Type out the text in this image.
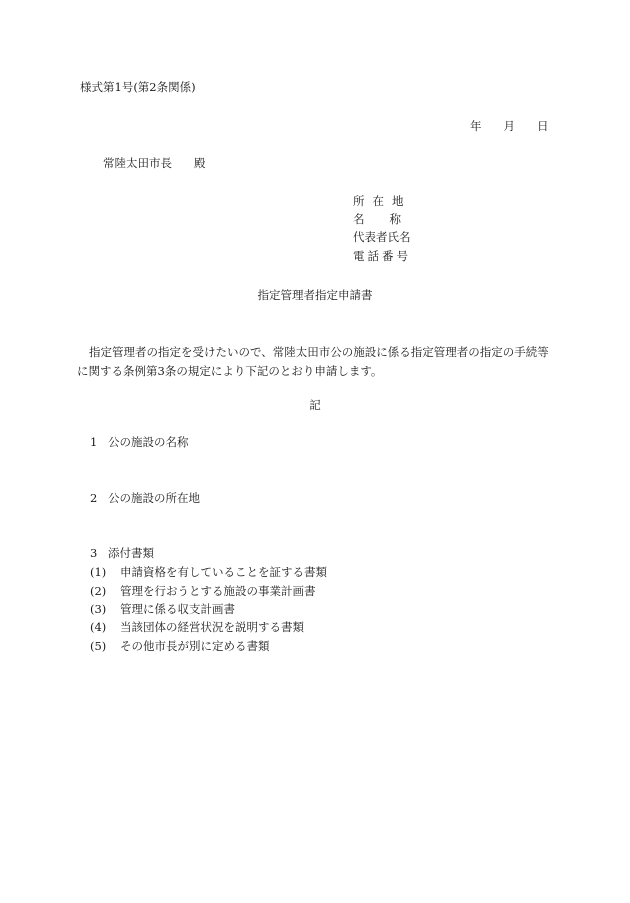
様式第1号(第2条関係)
年 月 日
常陸太田市長 殿
所在地
名称
代表者氏名
電話番号
指定管理者指定申請書
指定管理者の指定を受けたいので、常陸太田市公の施設に係る指定管理者の指定の手続等に関する条例第3条の規定により下記のとおり申請します。
記
1 公の施設の名称
2 公の施設の所在地
3 添付書類
(1) 申請資格を有していることを証する書類
(2) 管理を行おうとする施設の事業計画書
(3) 管理に係る収支計画書
(4) 当該団体の経営状況を説明する書類
(5) その他市長が別に定める書類
